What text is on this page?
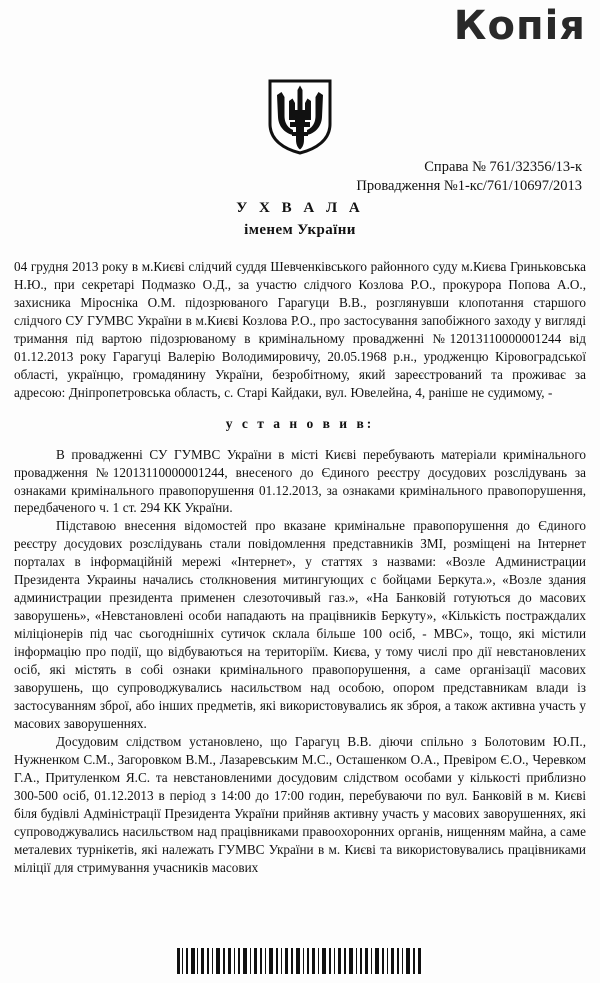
Копія
Справа № 761/32356/13-к
Провадження №1-кс/761/10697/2013
У Х В А Л А
іменем України

04 грудня 2013 року в м.Києві слідчий суддя Шевченківського районного суду м.Києва Гриньковська Н.Ю., при секретарі Подмазко О.Д., за участю слідчого Козлова Р.О., прокурора Попова А.О., захисника Міросніка О.М. підозрюваного Гарагуци В.В., розглянувши клопотання старшого слідчого СУ ГУМВС України в м.Києві Козлова Р.О., про застосування запобіжного заходу у вигляді тримання під вартою підозрюваному в кримінальному провадженні №12013110000001244 від 01.12.2013 року Гарагуці Валерію Володимировичу, 20.05.1968 р.н., уродженцю Кіровоградської області, українцю, громадянину України, безробітному, який зареєстрований та проживає за адресою: Дніпропетровська область, с. Старі Кайдаки, вул. Ювелейна, 4, раніше не судимому, -

у с т а н о в и в:

В провадженні СУ ГУМВС України в місті Києві перебувають матеріали кримінального провадження №12013110000001244, внесеного до Єдиного реєстру досудових розслідувань за ознаками кримінального правопорушення 01.12.2013, за ознаками кримінального правопорушення, передбаченого ч. 1 ст. 294 КК України.

Підставою внесення відомостей про вказане кримінальне правопорушення до Єдиного реєстру досудових розслідувань стали повідомлення представників ЗМІ, розміщені на Інтернет порталах в інформаційній мережі «Інтернет», у статтях з назвами: «Возле Администрации Президента Украины начались столкновения митингующих с бойцами Беркута.», «Возле здания администрации президента применен слезоточивый газ.», «На Банковій готуються до масових заворушень», «Невстановлені особи нападають на працівників Беркуту», «Кількість постраждалих міліціонерів під час сьогоднішніх сутичок склала більше 100 осіб, - МВС», тощо, які містили інформацію про події, що відбуваються на територіїм. Києва, у тому числі про дії невстановлених осіб, які містять в собі ознаки кримінального правопорушення, а саме організації масових заворушень, що супроводжувались насильством над особою, опором представникам влади із застосуванням зброї, або інших предметів, які використовувались як зброя, а також активна участь у масових заворушеннях.

Досудовим слідством установлено, що Гарагуц В.В. діючи спільно з Болотовим Ю.П., Нужненком С.М., Загоровком В.М., Лазаревським М.С., Осташенком О.А., Превіром Є.О., Черевком Г.А., Притуленком Я.С. та невстановленими досудовим слідством особами у кількості приблизно 300-500 осіб, 01.12.2013 в період з 14:00 до 17:00 годин, перебуваючи по вул. Банковій в м. Києві біля будівлі Адміністрації Президента України прийняв активну участь у масових заворушеннях, які супроводжувались насильством над працівниками правоохоронних органів, нищенням майна, а саме металевих турнікетів, які належать ГУМВС України в м. Києві та використовувались працівниками міліції для стримування учасників масових
